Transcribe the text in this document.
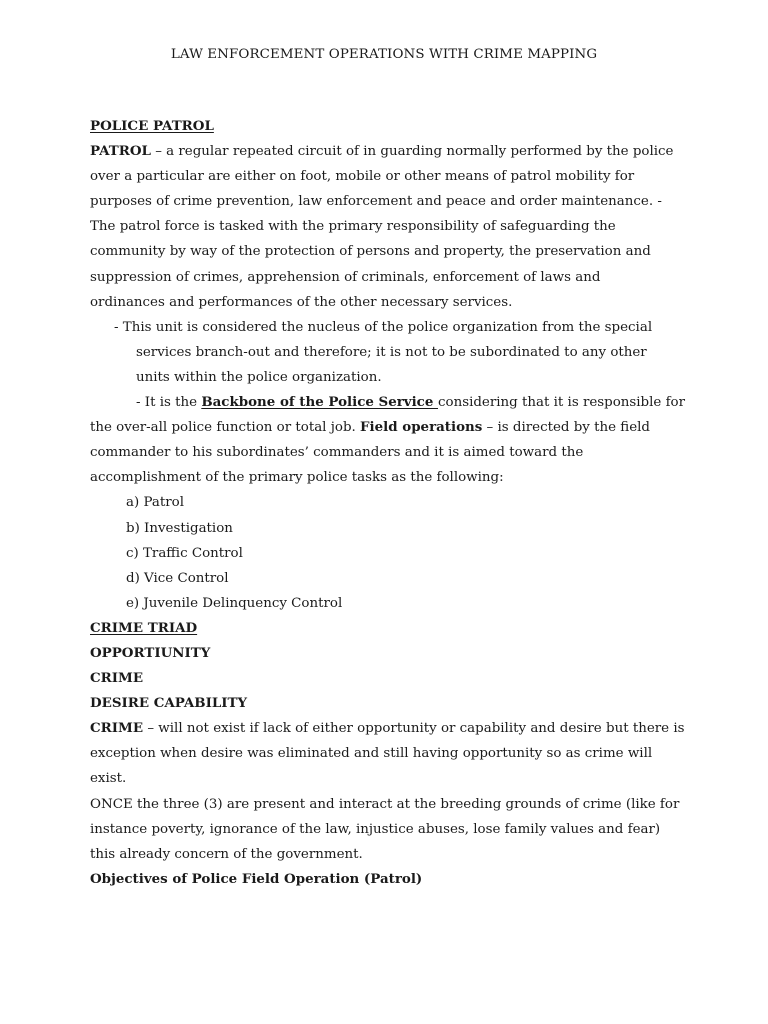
LAW ENFORCEMENT OPERATIONS WITH CRIME MAPPING
POLICE PATROL
PATROL – a regular repeated circuit of in guarding normally performed by the police
over a particular are either on foot, mobile or other means of patrol mobility for
purposes of crime prevention, law enforcement and peace and order maintenance. -
The patrol force is tasked with the primary responsibility of safeguarding the
community by way of the protection of persons and property, the preservation and
suppression of crimes, apprehension of criminals, enforcement of laws and
ordinances and performances of the other necessary services.
- This unit is considered the nucleus of the police organization from the special
services branch-out and therefore; it is not to be subordinated to any other
units within the police organization.
- It is the Backbone of the Police Service considering that it is responsible for
the over-all police function or total job. Field operations – is directed by the field
commander to his subordinates’ commanders and it is aimed toward the
accomplishment of the primary police tasks as the following:
a) Patrol
b) Investigation
c) Traffic Control
d) Vice Control
e) Juvenile Delinquency Control
CRIME TRIAD
OPPORTIUNITY
CRIME
DESIRE CAPABILITY
CRIME – will not exist if lack of either opportunity or capability and desire but there is
exception when desire was eliminated and still having opportunity so as crime will
exist.
ONCE the three (3) are present and interact at the breeding grounds of crime (like for
instance poverty, ignorance of the law, injustice abuses, lose family values and fear)
this already concern of the government.
Objectives of Police Field Operation (Patrol)
